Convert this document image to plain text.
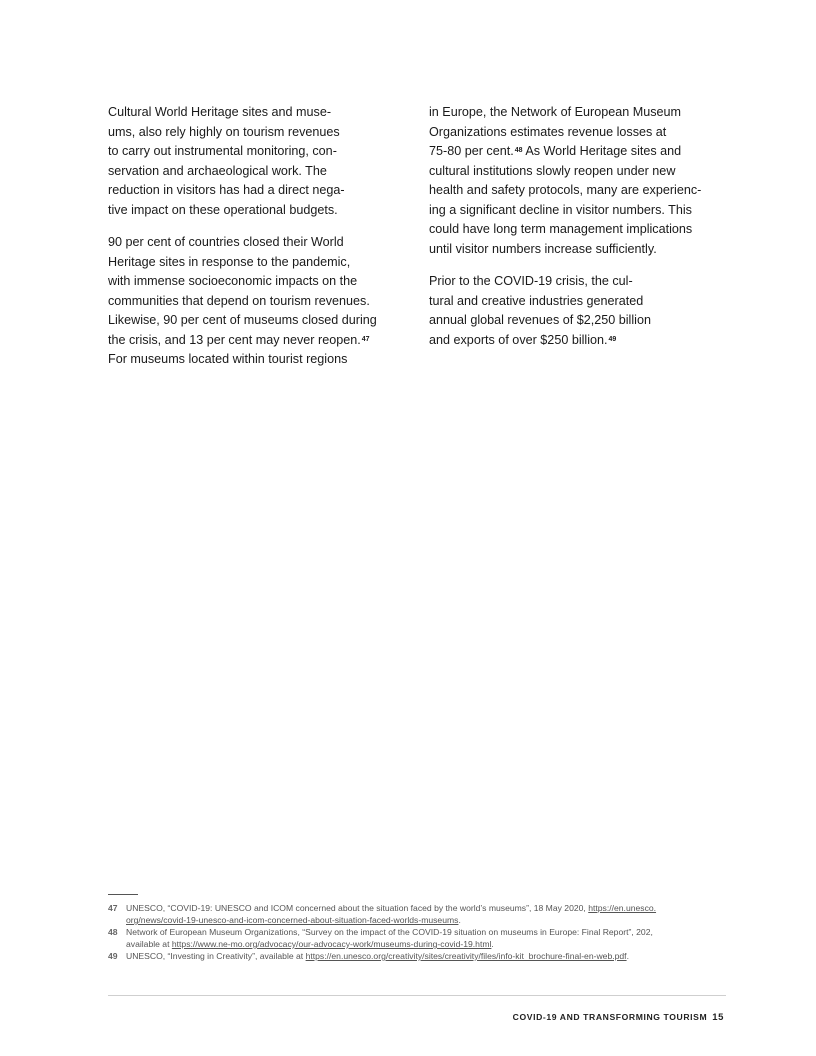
Cultural World Heritage sites and muse-
ums, also rely highly on tourism revenues
to carry out instrumental monitoring, con-
servation and archaeological work. The
reduction in visitors has had a direct nega-
tive impact on these operational budgets.

90 per cent of countries closed their World
Heritage sites in response to the pandemic,
with immense socioeconomic impacts on the
communities that depend on tourism revenues.
Likewise, 90 per cent of museums closed during
the crisis, and 13 per cent may never reopen.$^{47}$
For museums located within tourist regions

in Europe, the Network of European Museum
Organizations estimates revenue losses at
75-80 per cent.$^{48}$ As World Heritage sites and
cultural institutions slowly reopen under new
health and safety protocols, many are experienc-
ing a significant decline in visitor numbers. This
could have long term management implications
until visitor numbers increase sufficiently.

Prior to the COVID-19 crisis, the cul-
tural and creative industries generated
annual global revenues of $2,250 billion
and exports of over $250 billion.$^{49}$

47 UNESCO, “COVID-19: UNESCO and ICOM concerned about the situation faced by the world’s museums”, 18 May 2020, https://en.unesco.
org/news/covid-19-unesco-and-icom-concerned-about-situation-faced-worlds-museums.
48 Network of European Museum Organizations, “Survey on the impact of the COVID-19 situation on museums in Europe: Final Report”, 202,
available at https://www.ne-mo.org/advocacy/our-advocacy-work/museums-during-covid-19.html.
49 UNESCO, “Investing in Creativity”, available at https://en.unesco.org/creativity/sites/creativity/files/info-kit_brochure-final-en-web.pdf.
COVID-19 AND TRANSFORMING TOURISM 15
